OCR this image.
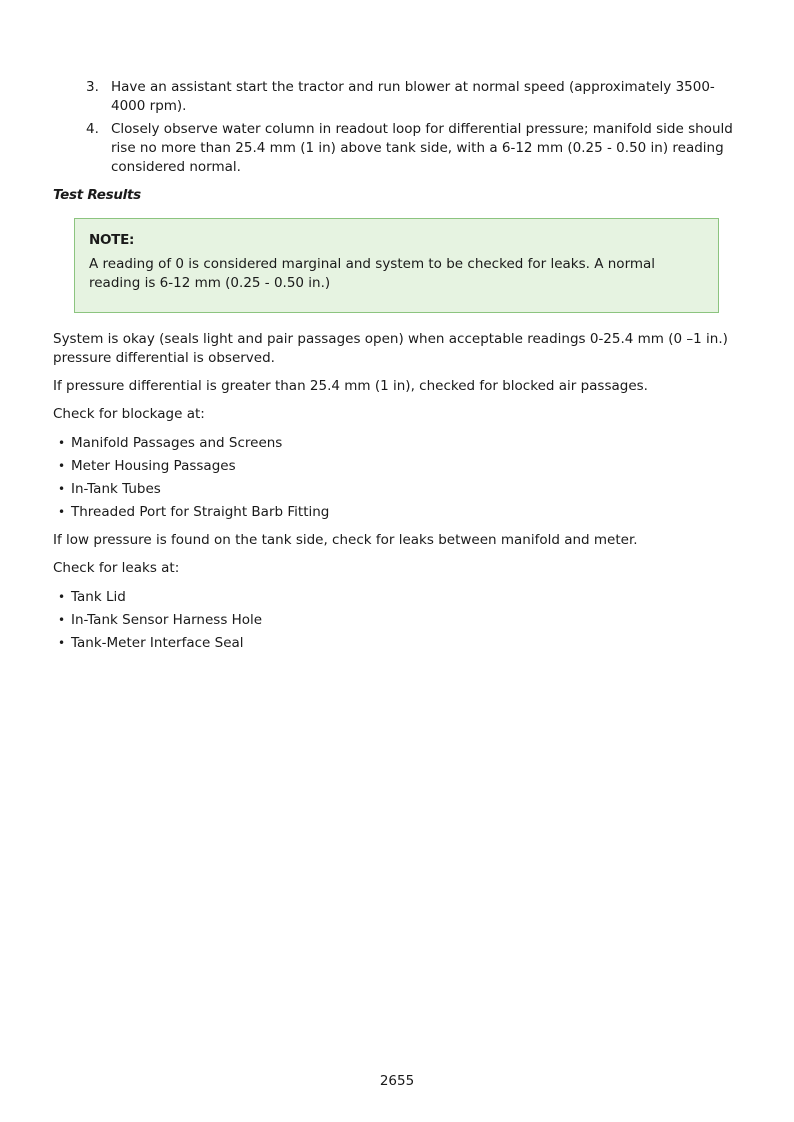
3. Have an assistant start the tractor and run blower at normal speed (approximately 3500-4000 rpm).
4. Closely observe water column in readout loop for differential pressure; manifold side should rise no more than 25.4 mm (1 in) above tank side, with a 6-12 mm (0.25 - 0.50 in) reading considered normal.
Test Results
NOTE:
A reading of 0 is considered marginal and system to be checked for leaks. A normal reading is 6-12 mm (0.25 - 0.50 in.)

System is okay (seals light and pair passages open) when acceptable readings 0-25.4 mm (0 –1 in.) pressure differential is observed.

If pressure differential is greater than 25.4 mm (1 in), checked for blocked air passages.

Check for blockage at:

• Manifold Passages and Screens
• Meter Housing Passages
• In-Tank Tubes
• Threaded Port for Straight Barb Fitting

If low pressure is found on the tank side, check for leaks between manifold and meter.

Check for leaks at:

• Tank Lid
• In-Tank Sensor Harness Hole
• Tank-Meter Interface Seal
2655
